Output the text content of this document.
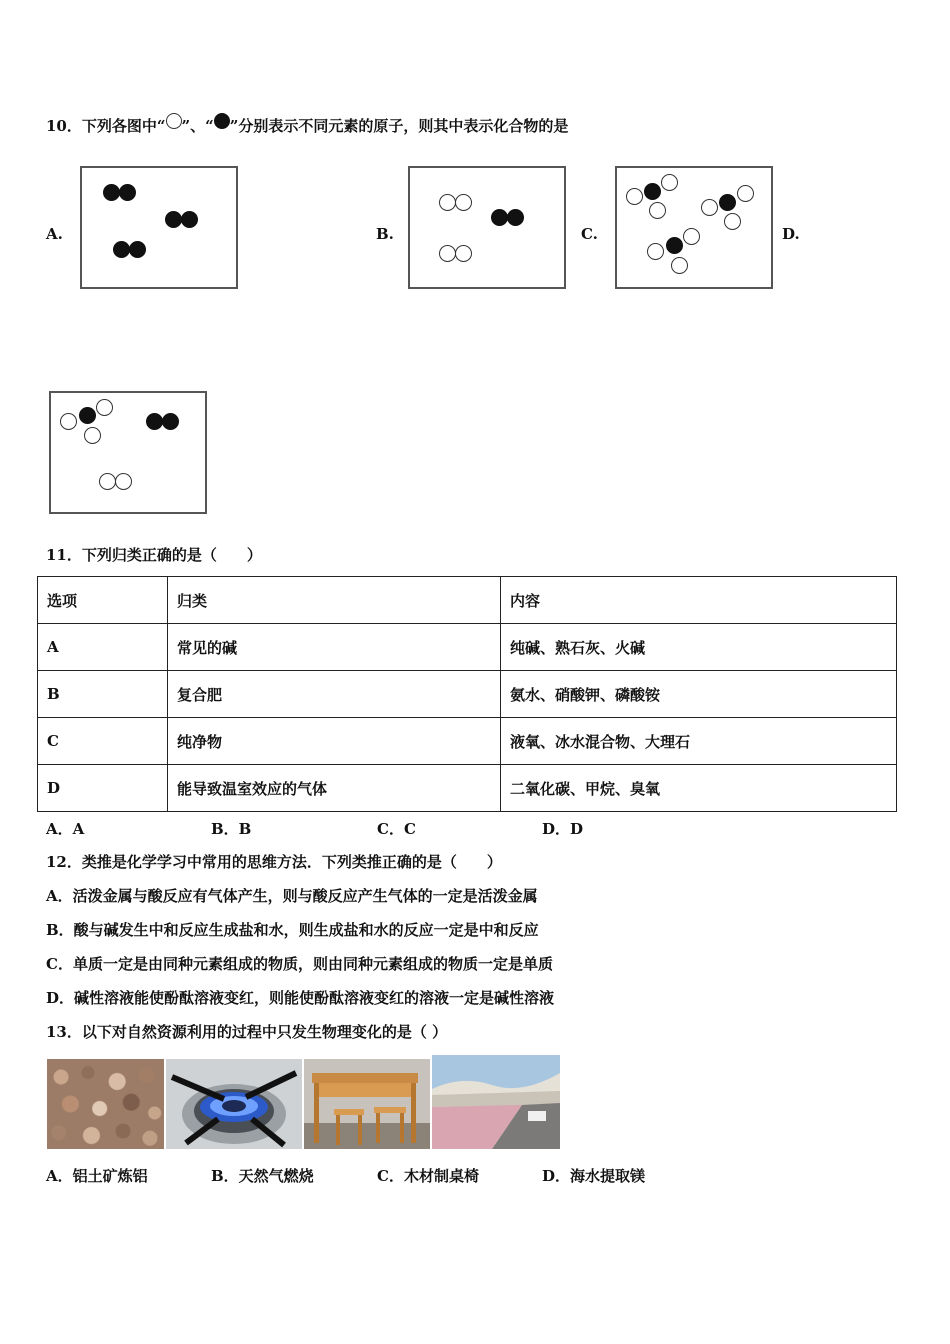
10．下列各图中“ ”、“ ”分别表示不同元素的原子，则其中表示化合物的是
A.	B.	C.	D.
11．下列归类正确的是（　　）
选项	归类	内容
A	常见的碱	纯碱、熟石灰、火碱
B	复合肥	氨水、硝酸钾、磷酸铵
C	纯净物	液氧、冰水混合物、大理石
D	能导致温室效应的气体	二氧化碳、甲烷、臭氧
A．A	B．B	C．C	D．D
12．类推是化学学习中常用的思维方法．下列类推正确的是（　　）
A．活泼金属与酸反应有气体产生，则与酸反应产生气体的一定是活泼金属
B．酸与碱发生中和反应生成盐和水，则生成盐和水的反应一定是中和反应
C．单质一定是由同种元素组成的物质，则由同种元素组成的物质一定是单质
D．碱性溶液能使酚酞溶液变红，则能使酚酞溶液变红的溶液一定是碱性溶液
13．以下对自然资源利用的过程中只发生物理变化的是（ ）
A．铝土矿炼铝	B．天然气燃烧	C．木材制桌椅	D．海水提取镁
